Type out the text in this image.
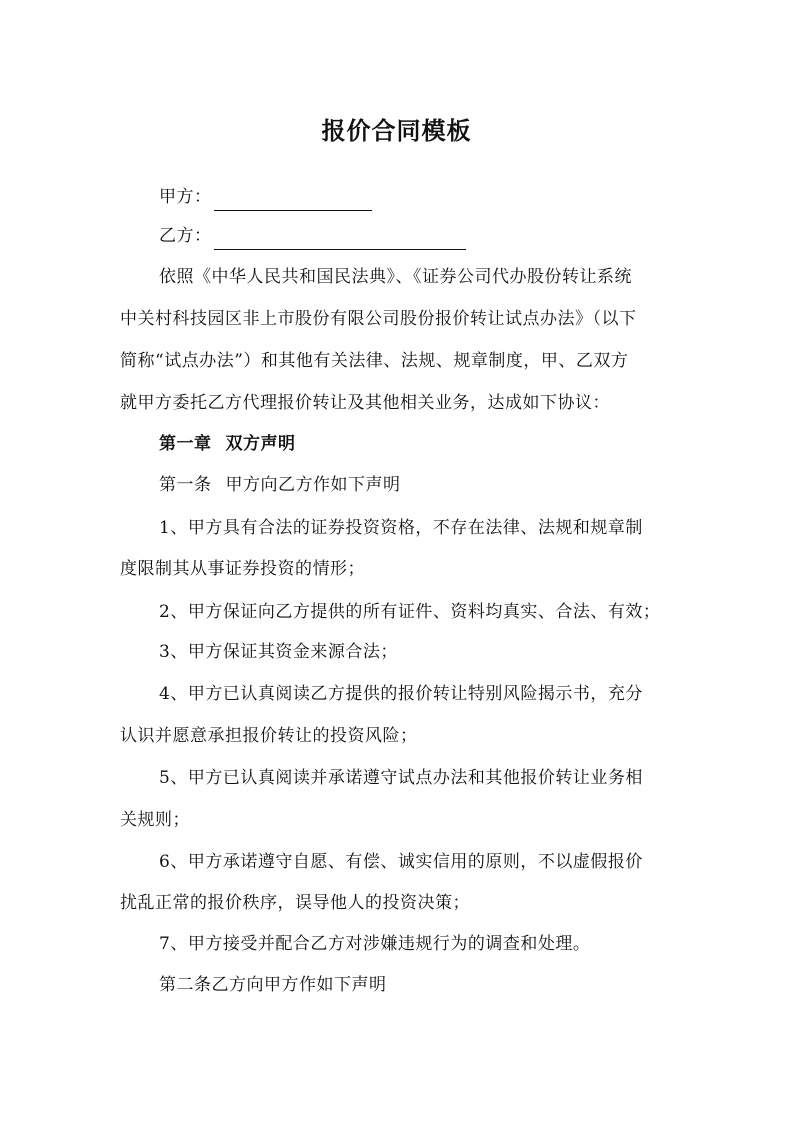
报价合同模板
甲方：
乙方：
依照《中华人民共和国民法典》、《证券公司代办股份转让系统
中关村科技园区非上市股份有限公司股份报价转让试点办法》（以下
简称“试点办法”）和其他有关法律、法规、规章制度，甲、乙双方
就甲方委托乙方代理报价转让及其他相关业务，达成如下协议：
第一章 双方声明
第一条 甲方向乙方作如下声明
1、甲方具有合法的证券投资资格，不存在法律、法规和规章制
度限制其从事证券投资的情形；
2、甲方保证向乙方提供的所有证件、资料均真实、合法、有效；
3、甲方保证其资金来源合法；
4、甲方已认真阅读乙方提供的报价转让特别风险揭示书，充分
认识并愿意承担报价转让的投资风险；
5、甲方已认真阅读并承诺遵守试点办法和其他报价转让业务相
关规则；
6、甲方承诺遵守自愿、有偿、诚实信用的原则，不以虚假报价
扰乱正常的报价秩序，误导他人的投资决策；
7、甲方接受并配合乙方对涉嫌违规行为的调查和处理。
第二条乙方向甲方作如下声明
